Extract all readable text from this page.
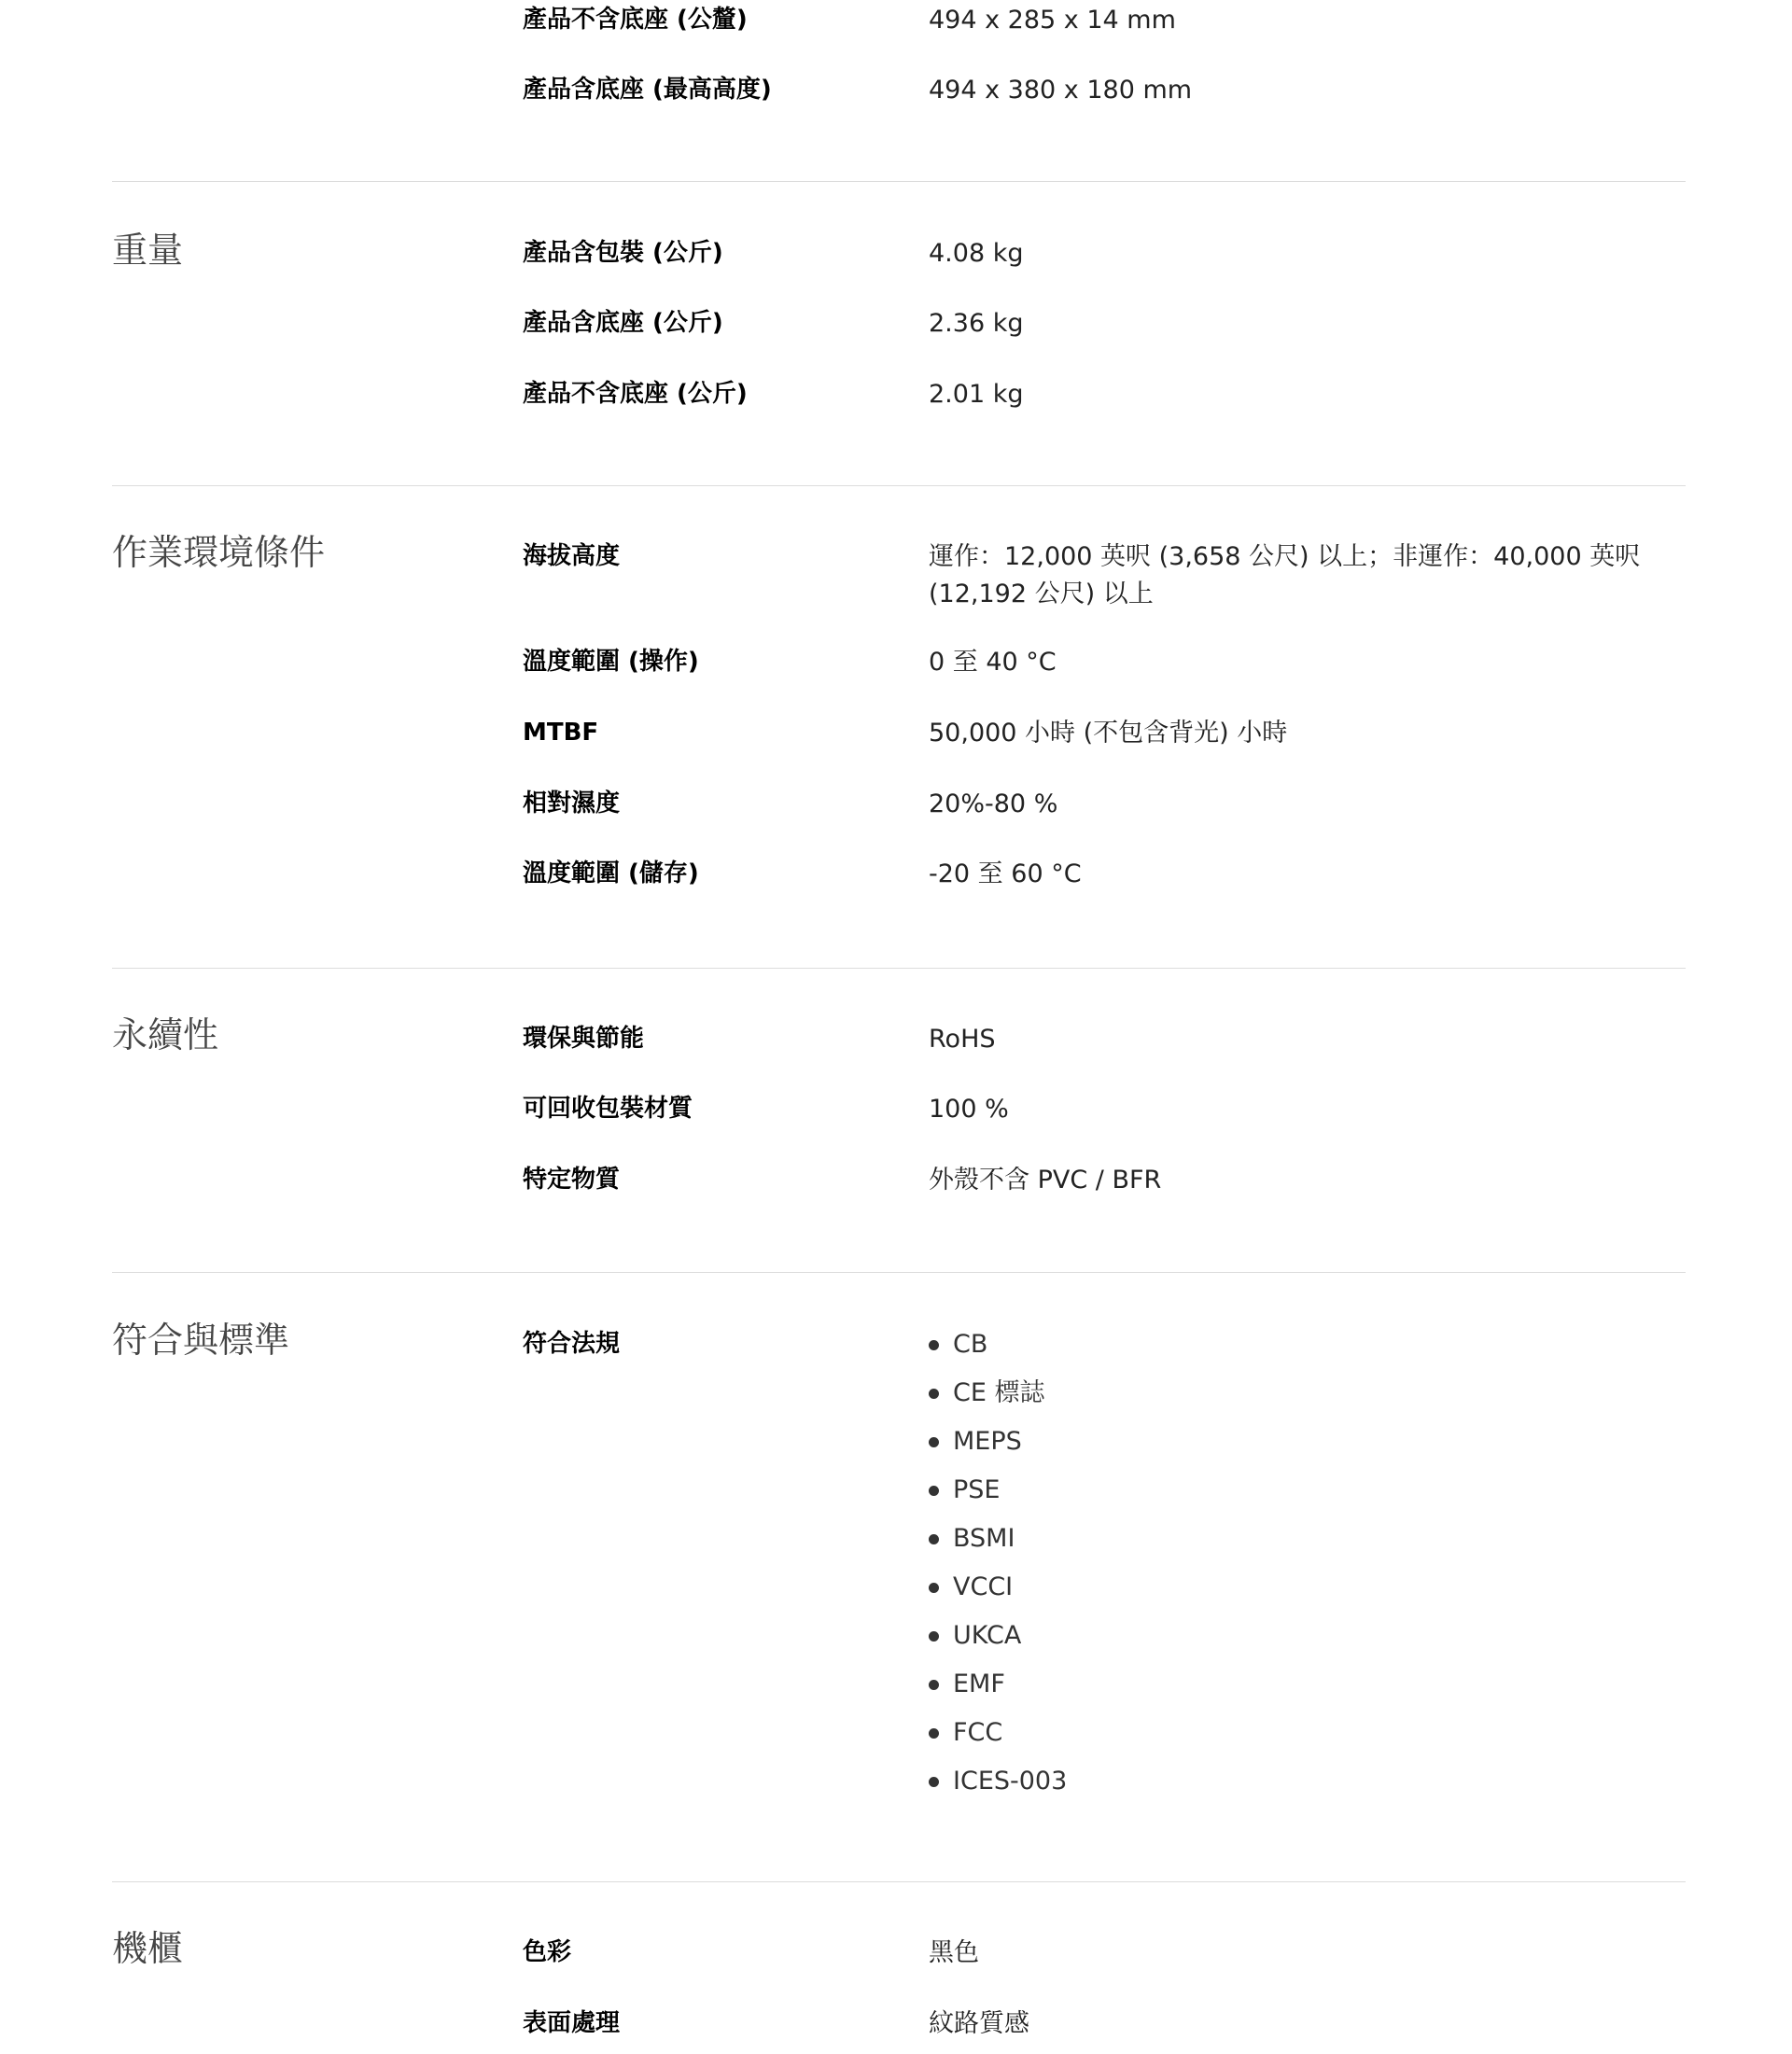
產品不含底座 (公釐)	494 x 285 x 14 mm
產品含底座 (最高高度)	494 x 380 x 180 mm
重量	產品含包裝 (公斤)	4.08 kg
產品含底座 (公斤)	2.36 kg
產品不含底座 (公斤)	2.01 kg
作業環境條件	海拔高度	運作：12,000 英呎 (3,658 公尺) 以上；非運作：40,000 英呎 (12,192 公尺) 以上
溫度範圍 (操作)	0 至 40 °C
MTBF	50,000 小時 (不包含背光) 小時
相對濕度	20%-80 %
溫度範圍 (儲存)	-20 至 60 °C
永續性	環保與節能	RoHS
可回收包裝材質	100 %
特定物質	外殼不含 PVC / BFR
符合與標準	符合法規	CB
CE 標誌
MEPS
PSE
BSMI
VCCI
UKCA
EMF
FCC
ICES-003
機櫃	色彩	黑色
表面處理	紋路質感
